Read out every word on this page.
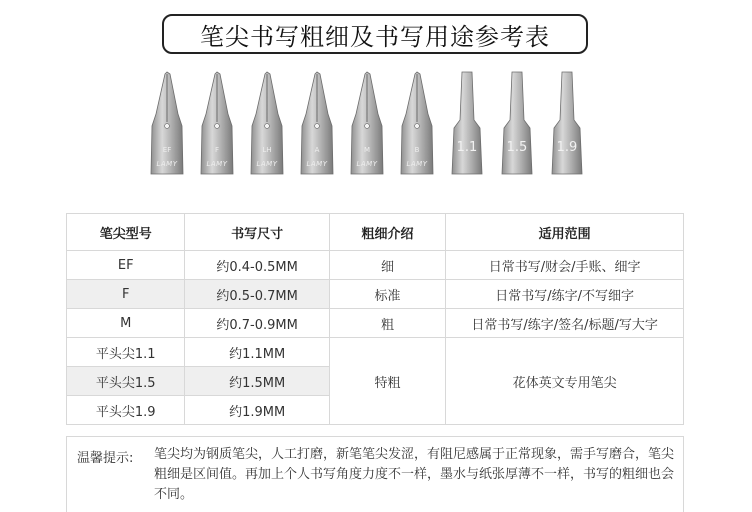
笔尖书写粗细及书写用途参考表
EF
LAMY
F
LAMY
LH
LAMY
A
LAMY
M
LAMY
B
LAMY
1.1	1.5	1.9
笔尖型号	书写尺寸	粗细介绍	适用范围
EF	约0.4-0.5MM	细	日常书写/财会/手账、细字
F	约0.5-0.7MM	标准	日常书写/练字/不写细字
M	约0.7-0.9MM	粗	日常书写/练字/签名/标题/写大字
平头尖1.1	约1.1MM	特粗	花体英文专用笔尖
平头尖1.5	约1.5MM		
平头尖1.9	约1.9MM		
温馨提示: 笔尖均为钢质笔尖，人工打磨，新笔笔尖发涩，有阻尼感属于正常现象，需手写磨合，笔尖粗细是区间值。再加上个人书写角度力度不一样，墨水与纸张厚薄不一样，书写的粗细也会不同。
